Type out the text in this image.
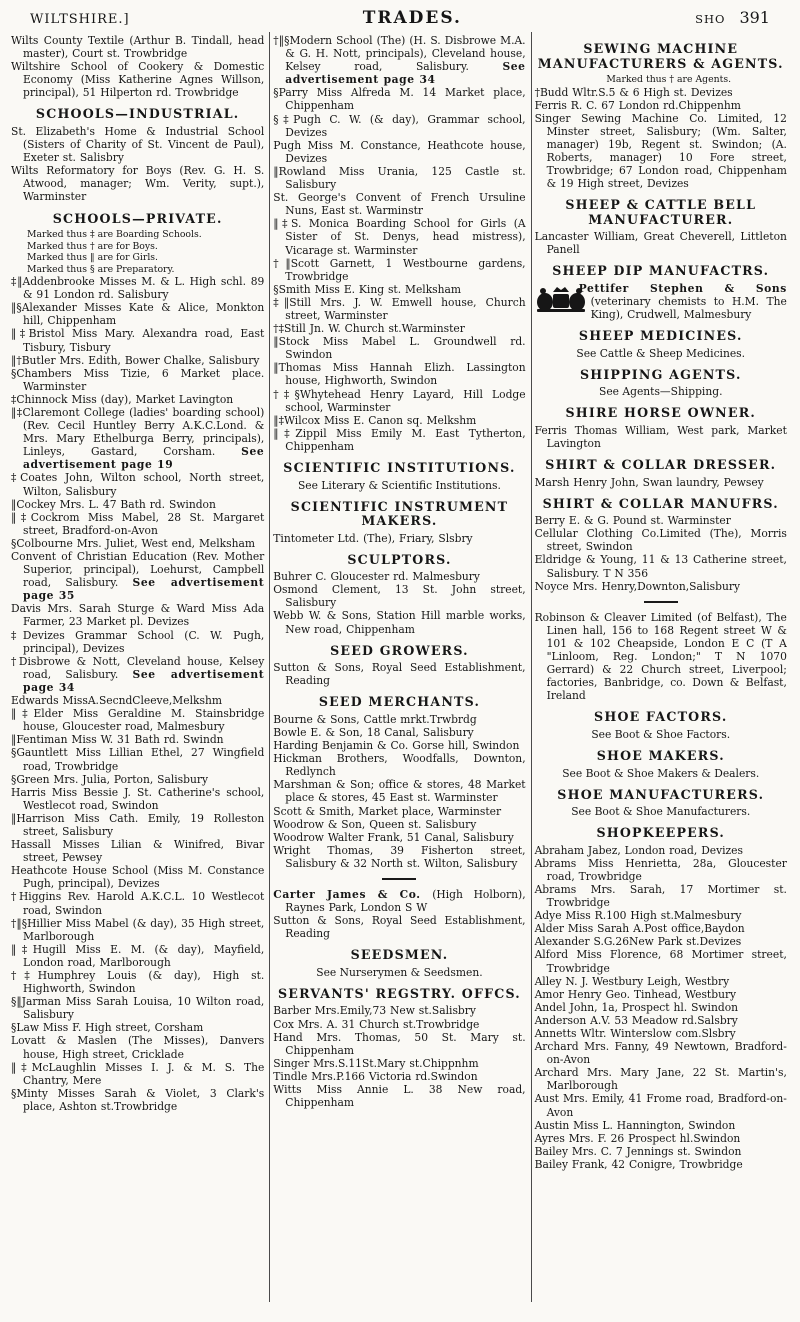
WILTSHIRE.]	TRADES.	SHO 391

Wilts County Textile (Arthur B. Tindall, head master), Court st. Trowbridge

Wiltshire School of Cookery & Domestic Economy (Miss Katherine Agnes Willson, principal), 51 Hilperton rd. Trowbridge

SCHOOLS—INDUSTRIAL.

St. Elizabeth's Home & Industrial School (Sisters of Charity of St. Vincent de Paul), Exeter st. Salisbry

Wilts Reformatory for Boys (Rev. G. H. S. Atwood, manager; Wm. Verity, supt.), Warminster

SCHOOLS—PRIVATE.
Marked thus ‡ are Boarding Schools.
Marked thus † are for Boys.
Marked thus ‖ are for Girls.
Marked thus § are Preparatory.

‡‖Addenbrooke Misses M. & L. High schl. 89 & 91 London rd. Salisbury

‖§Alexander Misses Kate & Alice, Monkton hill, Chippenham

‖‡Bristol Miss Mary. Alexandra road, East Tisbury, Tisbury

‖†Butler Mrs. Edith, Bower Chalke, Salisbury

§Chambers Miss Tizie, 6 Market place. Warminster

‡Chinnock Miss (day), Market Lavington

‖‡Claremont College (ladies' boarding school) (Rev. Cecil Huntley Berry A.K.C.Lond. & Mrs. Mary Ethelburga Berry, principals), Linleys, Gastard, Corsham. See advertisement page 19

‡Coates John, Wilton school, North street, Wilton, Salisbury

‖Cockey Mrs. L. 47 Bath rd. Swindon

‖‡Cockrom Miss Mabel, 28 St. Margaret street, Bradford-on-Avon

§Colbourne Mrs. Juliet, West end, Melksham

Convent of Christian Education (Rev. Mother Superior, principal), Loehurst, Campbell road, Salisbury. See advertisement page 35

Davis Mrs. Sarah Sturge & Ward Miss Ada Farmer, 23 Market pl. Devizes

‡Devizes Grammar School (C. W. Pugh, principal), Devizes

†Disbrowe & Nott, Cleveland house, Kelsey road, Salisbury. See advertisement page 34

Edwards MissA.SecndCleeve,Melkshm

‖‡Elder Miss Geraldine M. Stainsbridge house, Gloucester road, Malmesbury

‖Fentiman Miss W. 31 Bath rd. Swindn

§Gauntlett Miss Lillian Ethel, 27 Wingfield road, Trowbridge

§Green Mrs. Julia, Porton, Salisbury

Harris Miss Bessie J. St. Catherine's school, Westlecot road, Swindon

‖Harrison Miss Cath. Emily, 19 Rolleston street, Salisbury

Hassall Misses Lilian & Winifred, Bivar street, Pewsey

Heathcote House School (Miss M. Constance Pugh, principal), Devizes

†Higgins Rev. Harold A.K.C.L. 10 Westlecot road, Swindon

†‖§Hillier Miss Mabel (& day), 35 High street, Marlborough

‖‡Hugill Miss E. M. (& day), Mayfield, London road, Marlborough

†‡Humphrey Louis (& day), High st. Highworth, Swindon

§‖Jarman Miss Sarah Louisa, 10 Wilton road, Salisbury

§Law Miss F. High street, Corsham

Lovatt & Maslen (The Misses), Danvers house, High street, Cricklade

‖‡McLaughlin Misses I. J. & M. S. The Chantry, Mere

§Minty Misses Sarah & Violet, 3 Clark's place, Ashton st.Trowbridge

†‖§Modern School (The) (H. S. Disbrowe M.A. & G. H. Nott, principals), Cleveland house, Kelsey road, Salisbury. See advertisement page 34

§Parry Miss Alfreda M. 14 Market place, Chippenham

§‡Pugh C. W. (& day), Grammar school, Devizes

Pugh Miss M. Constance, Heathcote house, Devizes

‖Rowland Miss Urania, 125 Castle st. Salisbury

St. George's Convent of French Ursuline Nuns, East st. Warminstr

‖‡S. Monica Boarding School for Girls (A Sister of St. Denys, head mistress), Vicarage st. Warminster

†‖Scott Garnett, 1 Westbourne gardens, Trowbridge

§Smith Miss E. King st. Melksham

‡‖Still Mrs. J. W. Emwell house, Church street, Warminster

†‡Still Jn. W. Church st.Warminster

‖Stock Miss Mabel L. Groundwell rd. Swindon

‖Thomas Miss Hannah Elizh. Lassington house, Highworth, Swindon

†‡§Whytehead Henry Layard, Hill Lodge school, Warminster

‖‡Wilcox Miss E. Canon sq. Melkshm

‖‡Zippil Miss Emily M. East Tytherton, Chippenham

SCIENTIFIC INSTITUTIONS.
See Literary & Scientific Institutions.
SCIENTIFIC INSTRUMENT MAKERS.

Tintometer Ltd. (The), Friary, Slsbry

SCULPTORS.

Buhrer C. Gloucester rd. Malmesbury

Osmond Clement, 13 St. John street, Salisbury

Webb W. & Sons, Station Hill marble works, New road, Chippenham

SEED GROWERS.

Sutton & Sons, Royal Seed Establishment, Reading

SEED MERCHANTS.

Bourne & Sons, Cattle mrkt.Trwbrdg

Bowle E. & Son, 18 Canal, Salisbury

Harding Benjamin & Co. Gorse hill, Swindon

Hickman Brothers, Woodfalls, Downton, Redlynch

Marshman & Son; office & stores, 48 Market place & stores, 45 East st. Warminster

Scott & Smith, Market place, Warminster

Woodrow & Son, Queen st. Salisbury

Woodrow Walter Frank, 51 Canal, Salisbury

Wright Thomas, 39 Fisherton street, Salisbury & 32 North st. Wilton, Salisbury

Carter James & Co. (High Holborn), Raynes Park, London S W

Sutton & Sons, Royal Seed Establishment, Reading

SEEDSMEN.
See Nurserymen & Seedsmen.
SERVANTS' REGSTRY. OFFCS.

Barber Mrs.Emily,73 New st.Salisbry

Cox Mrs. A. 31 Church st.Trowbridge

Hand Mrs. Thomas, 50 St. Mary st. Chippenham

Singer Mrs.S.11St.Mary st.Chippnhm

Tindle Mrs.P.166 Victoria rd.Swindon

Witts Miss Annie L. 38 New road, Chippenham

SEWING MACHINE MANUFACTURERS & AGENTS.
Marked thus † are Agents.

†Budd Wltr.S.5 & 6 High st. Devizes

Ferris R. C. 67 London rd.Chippenhm

Singer Sewing Machine Co. Limited, 12 Minster street, Salisbury; (Wm. Salter, manager) 19b, Regent st. Swindon; (A. Roberts, manager) 10 Fore street, Trowbridge; 67 London road, Chippenham & 19 High street, Devizes

SHEEP & CATTLE BELL MANUFACTURER.

Lancaster William, Great Cheverell, Littleton Panell

SHEEP DIP MANUFACTRS.

Pettifer Stephen & Sons (veterinary chemists to H.M. The King), Crudwell, Malmesbury

SHEEP MEDICINES.
See Cattle & Sheep Medicines.
SHIPPING AGENTS.
See Agents—Shipping.
SHIRE HORSE OWNER.

Ferris Thomas William, West park, Market Lavington

SHIRT & COLLAR DRESSER.

Marsh Henry John, Swan laundry, Pewsey

SHIRT & COLLAR MANUFRS.

Berry E. & G. Pound st. Warminster

Cellular Clothing Co.Limited (The), Morris street, Swindon

Eldridge & Young, 11 & 13 Catherine street, Salisbury. T N 356

Noyce Mrs. Henry,Downton,Salisbury

Robinson & Cleaver Limited (of Belfast), The Linen hall, 156 to 168 Regent street W & 101 & 102 Cheapside, London E C (T A "Linloom, Reg. London;" T N 1070 Gerrard) & 22 Church street, Liverpool; factories, Banbridge, co. Down & Belfast, Ireland

SHOE FACTORS.
See Boot & Shoe Factors.
SHOE MAKERS.
See Boot & Shoe Makers & Dealers.
SHOE MANUFACTURERS.
See Boot & Shoe Manufacturers.
SHOPKEEPERS.

Abraham Jabez, London road, Devizes

Abrams Miss Henrietta, 28a, Gloucester road, Trowbridge

Abrams Mrs. Sarah, 17 Mortimer st. Trowbridge

Adye Miss R.100 High st.Malmesbury

Alder Miss Sarah A.Post office,Baydon

Alexander S.G.26New Park st.Devizes

Alford Miss Florence, 68 Mortimer street, Trowbridge

Alley N. J. Westbury Leigh, Westbry

Amor Henry Geo. Tinhead, Westbury

Andel John, 1a, Prospect hl. Swindon

Anderson A.V. 53 Meadow rd.Salsbry

Annetts Wltr. Winterslow com.Slsbry

Archard Mrs. Fanny, 49 Newtown, Bradford-on-Avon

Archard Mrs. Mary Jane, 22 St. Martin's, Marlborough

Aust Mrs. Emily, 41 Frome road, Bradford-on-Avon

Austin Miss L. Hannington, Swindon

Ayres Mrs. F. 26 Prospect hl.Swindon

Bailey Mrs. C. 7 Jennings st. Swindon

Bailey Frank, 42 Conigre, Trowbridge
